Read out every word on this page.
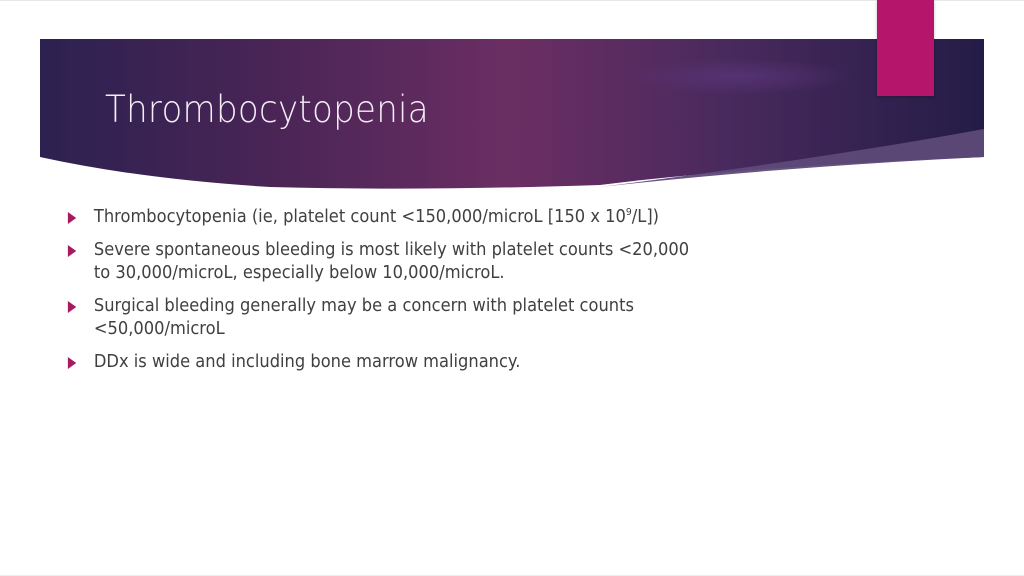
Thrombocytopenia
Thrombocytopenia (ie, platelet count <150,000/microL [150 x $10^9/L$])
Severe spontaneous bleeding is most likely with platelet counts <20,000
to 30,000/microL, especially below 10,000/microL.
Surgical bleeding generally may be a concern with platelet counts
<50,000/microL
DDx is wide and including bone marrow malignancy.
